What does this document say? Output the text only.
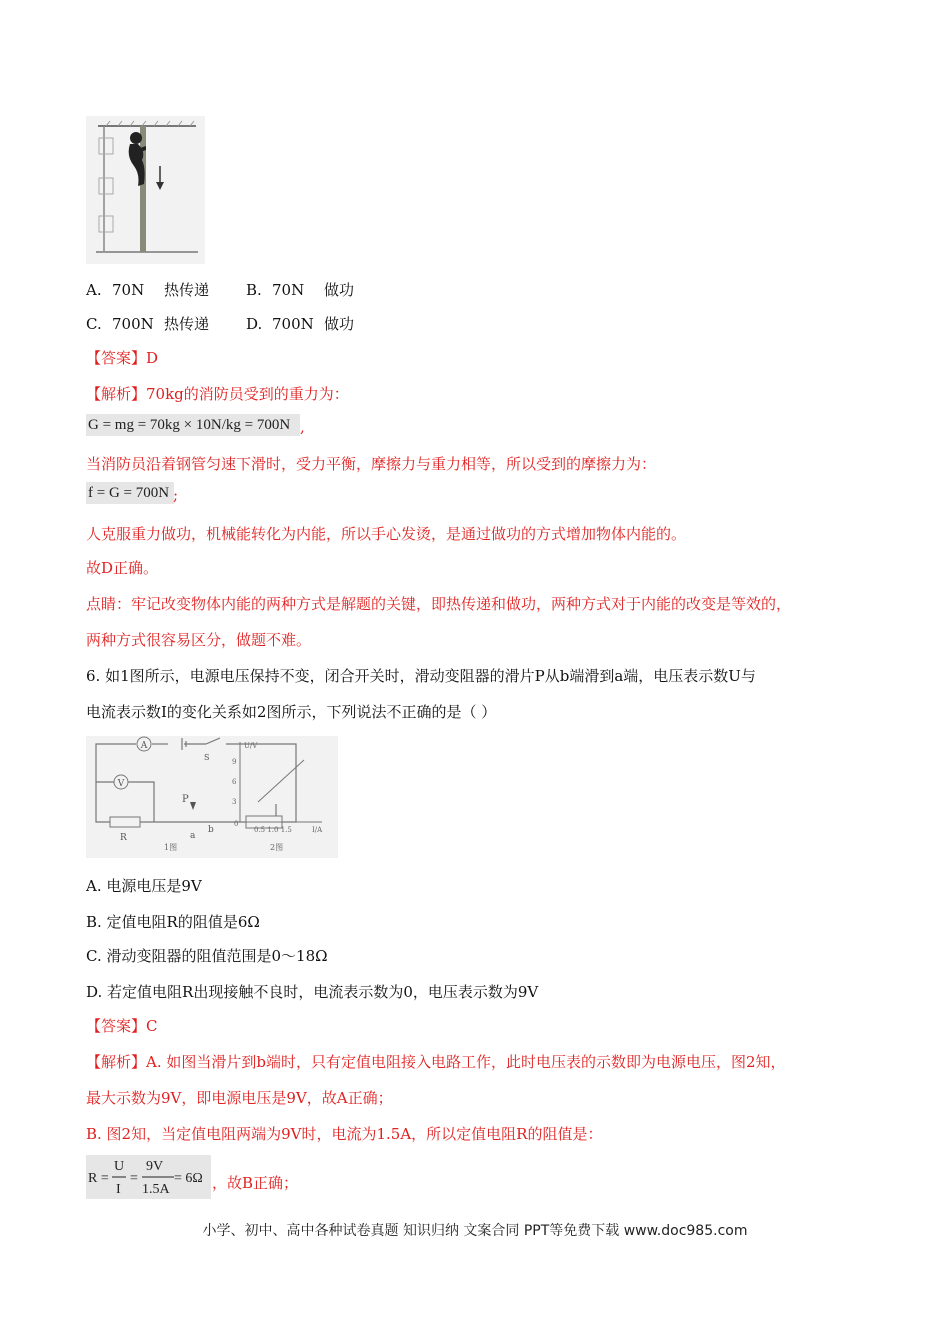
A. 70N 热传递 B. 70N 做功
C. 700N 热传递 D. 700N 做功
【答案】D
【解析】70kg的消防员受到的重力为：
G = mg = 70kg × 10N/kg = 700N ,
当消防员沿着钢管匀速下滑时，受力平衡，摩擦力与重力相等，所以受到的摩擦力为：
f = G = 700N ;
人克服重力做功，机械能转化为内能，所以手心发烫，是通过做功的方式增加物体内能的。
故D正确。
点睛：牢记改变物体内能的两种方式是解题的关键，即热传递和做功，两种方式对于内能的改变是等效的，
两种方式很容易区分，做题不难。
6. 如1图所示，电源电压保持不变，闭合开关时，滑动变阻器的滑片P从b端滑到a端，电压表示数U与
电流表示数I的变化关系如2图所示，下列说法不正确的是（ ）
A
V
R
P
a
b
S
1图
U/V
9
6
3
0
0.5 1.0 1.5	I/A
2图
A. 电源电压是9V
B. 定值电阻R的阻值是6Ω
C. 滑动变阻器的阻值范围是0～18Ω
D. 若定值电阻R出现接触不良时，电流表示数为0，电压表示数为9V
【答案】C
【解析】A. 如图当滑片到b端时，只有定值电阻接入电路工作，此时电压表的示数即为电源电压，图2知，
最大示数为9V，即电源电压是9V，故A正确；
B. 图2知，当定值电阻两端为9V时，电流为1.5A，所以定值电阻R的阻值是：
R =
U
I
=
9V
1.5A
= 6Ω ，故B正确；
小学、初中、高中各种试卷真题 知识归纳 文案合同 PPT等免费下载 www.doc985.com
